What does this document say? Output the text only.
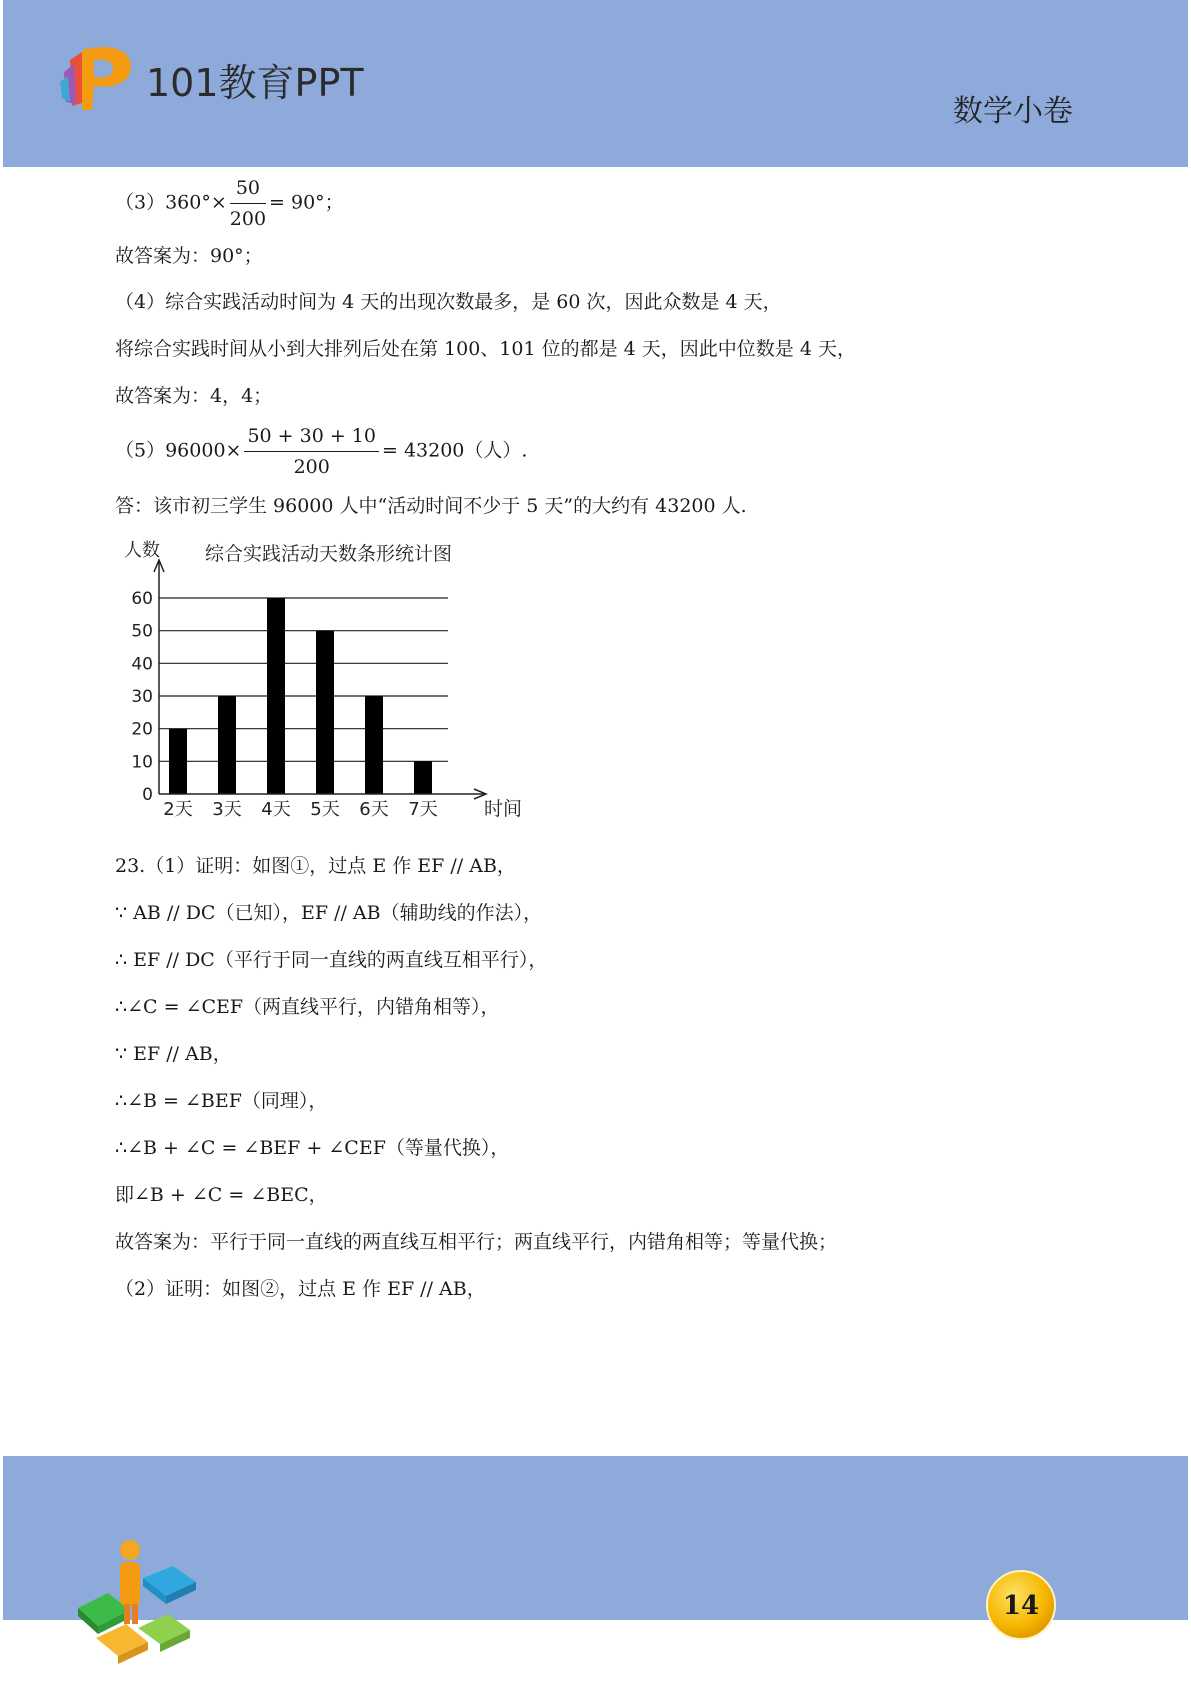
101教育PPT
数学小卷
$(3)360^\circ\times \frac{50}{200} = 90^\circ$；
故答案为：90°；
（4）综合实践活动时间为 4 天的出现次数最多，是 60 次，因此众数是 4 天，
将综合实践时间从小到大排列后处在第 100、101 位的都是 4 天，因此中位数是 4 天，
故答案为：4，4；
$(5)96000\times \frac{50 + 30 + 10}{200} = 43200$（人）.
答：该市初三学生 96000 人中“活动时间不少于 5 天”的大约有 43200 人.
人数 综合实践活动天数条形统计图
时间
0
10
20
30
40
50
60
2天 3天 4天 5天 6天 7天
23.（1）证明：如图①，过点 E 作 EF // AB，
∵ AB // DC（已知），EF // AB（辅助线的作法），
∴ EF // DC（平行于同一直线的两直线互相平行），
∴∠C = ∠CEF（两直线平行，内错角相等），
∵ EF // AB，
∴∠B = ∠BEF（同理），
∴∠B + ∠C = ∠BEF + ∠CEF（等量代换），
即∠B + ∠C = ∠BEC，
故答案为：平行于同一直线的两直线互相平行；两直线平行，内错角相等；等量代换；
（2）证明：如图②，过点 E 作 EF // AB，
14
